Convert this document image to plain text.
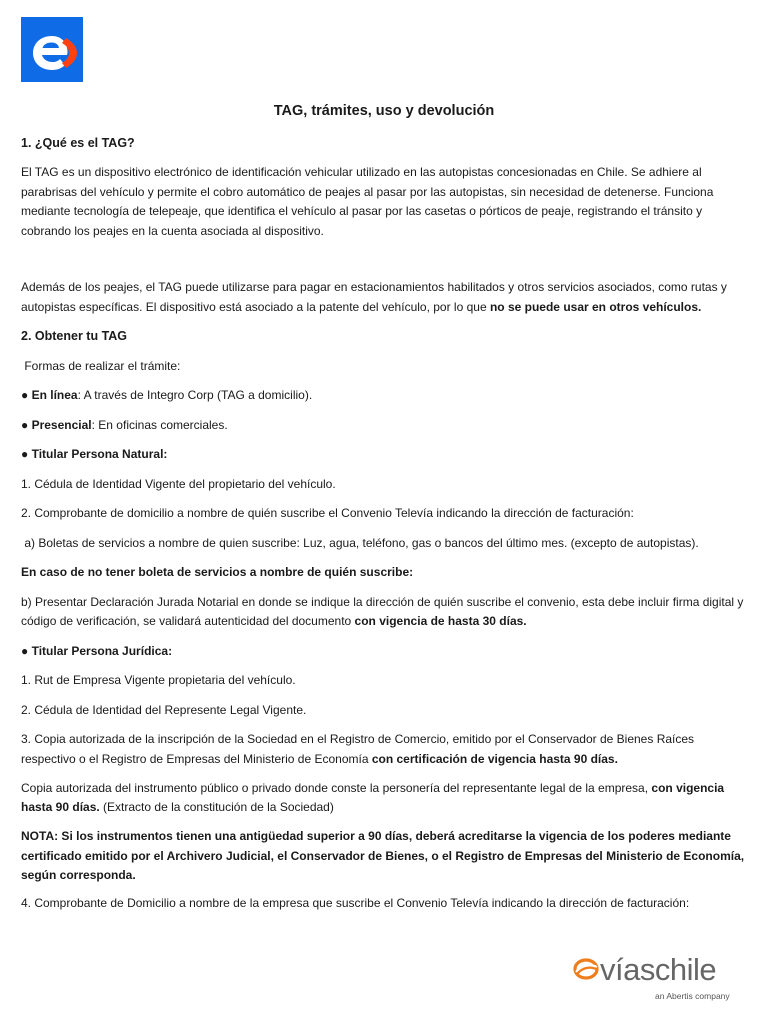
TAG, trámites, uso y devolución
1. ¿Qué es el TAG?

El TAG es un dispositivo electrónico de identificación vehicular utilizado en las autopistas concesionadas en Chile. Se adhiere al parabrisas del vehículo y permite el cobro automático de peajes al pasar por las autopistas, sin necesidad de detenerse. Funciona mediante tecnología de telepeaje, que identifica el vehículo al pasar por las casetas o pórticos de peaje, registrando el tránsito y cobrando los peajes en la cuenta asociada al dispositivo.

Además de los peajes, el TAG puede utilizarse para pagar en estacionamientos habilitados y otros servicios asociados, como rutas y autopistas específicas. El dispositivo está asociado a la patente del vehículo, por lo que no se puede usar en otros vehículos.

2. Obtener tu TAG

Formas de realizar el trámite:

● En línea: A través de Integro Corp (TAG a domicilio).

● Presencial: En oficinas comerciales.

● Titular Persona Natural:

1. Cédula de Identidad Vigente del propietario del vehículo.

2. Comprobante de domicilio a nombre de quién suscribe el Convenio Televía indicando la dirección de facturación:

a) Boletas de servicios a nombre de quien suscribe: Luz, agua, teléfono, gas o bancos del último mes. (excepto de autopistas).

En caso de no tener boleta de servicios a nombre de quién suscribe:

b) Presentar Declaración Jurada Notarial en donde se indique la dirección de quién suscribe el convenio, esta debe incluir firma digital y código de verificación, se validará autenticidad del documento con vigencia de hasta 30 días.

● Titular Persona Jurídica:

1. Rut de Empresa Vigente propietaria del vehículo.

2. Cédula de Identidad del Represente Legal Vigente.

3. Copia autorizada de la inscripción de la Sociedad en el Registro de Comercio, emitido por el Conservador de Bienes Raíces respectivo o el Registro de Empresas del Ministerio de Economía con certificación de vigencia hasta 90 días.

Copia autorizada del instrumento público o privado donde conste la personería del representante legal de la empresa, con vigencia hasta 90 días. (Extracto de la constitución de la Sociedad)

NOTA: Si los instrumentos tienen una antigüedad superior a 90 días, deberá acreditarse la vigencia de los poderes mediante certificado emitido por el Archivero Judicial, el Conservador de Bienes, o el Registro de Empresas del Ministerio de Economía, según corresponda.

4. Comprobante de Domicilio a nombre de la empresa que suscribe el Convenio Televía indicando la dirección de facturación:

víaschile
an Abertis company
